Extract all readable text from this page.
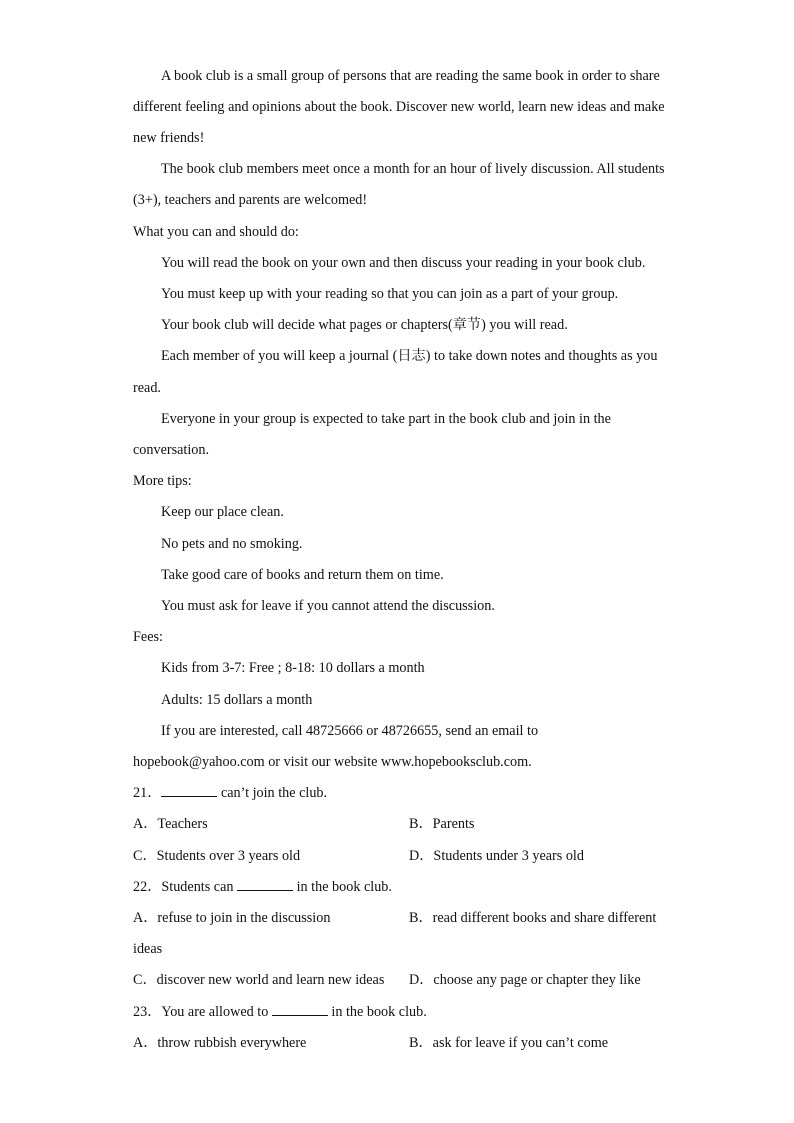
A book club is a small group of persons that are reading the same book in order to share
different feeling and opinions about the book. Discover new world, learn new ideas and make
new friends!
The book club members meet once a month for an hour of lively discussion. All students
(3+), teachers and parents are welcomed!
What you can and should do:
You will read the book on your own and then discuss your reading in your book club.
You must keep up with your reading so that you can join as a part of your group.
Your book club will decide what pages or chapters(章节) you will read.
Each member of you will keep a journal (日志) to take down notes and thoughts as you
read.
Everyone in your group is expected to take part in the book club and join in the
conversation.
More tips:
Keep our place clean.
No pets and no smoking.
Take good care of books and return them on time.
You must ask for leave if you cannot attend the discussion.
Fees:
Kids from 3-7: Free ; 8-18: 10 dollars a month
Adults: 15 dollars a month
If you are interested, call 48725666 or 48726655, send an email to
hopebook@yahoo.com or visit our website www.hopebooksclub.com.
21．	can’t join the club.
A．Teachers	B．Parents
C．Students over 3 years old	D．Students under 3 years old
22．Students can	in the book club.
A．refuse to join in the discussion	B．read different books and share different
ideas
C．discover new world and learn new ideas D．choose any page or chapter they like
23．You are allowed to	in the book club.
A．throw rubbish everywhere	B．ask for leave if you can’t come
